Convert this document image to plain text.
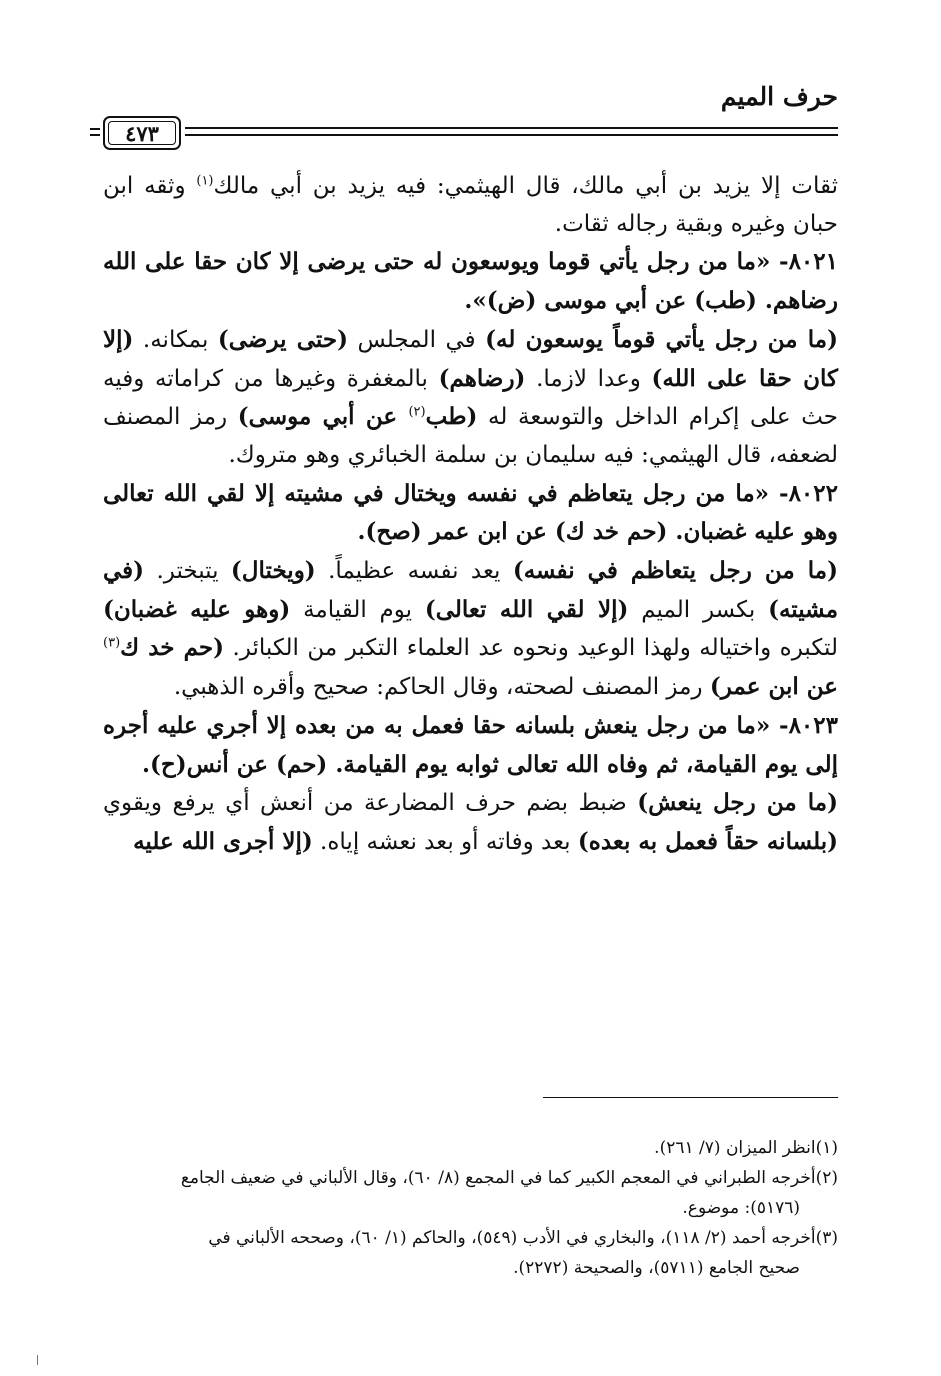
حرف الميم
٤٧٣

ثقات إلا يزيد بن أبي مالك، قال الهيثمي: فيه يزيد بن أبي مالك$^{(١)}$ وثقه ابن حبان وغيره وبقية رجاله ثقات.

٨٠٢١- «ما من رجل يأتي قوما ويوسعون له حتى يرضى إلا كان حقا على الله رضاهم. (طب) عن أبي موسى (ض)».

(ما من رجل يأتي قوماً يوسعون له) في المجلس (حتى يرضى) بمكانه. (إلا كان حقا على الله) وعدا لازما. (رضاهم) بالمغفرة وغيرها من كراماته وفيه حث على إكرام الداخل والتوسعة له (طب$^{(٢)}$ عن أبي موسى) رمز المصنف لضعفه، قال الهيثمي: فيه سليمان بن سلمة الخبائري وهو متروك.

٨٠٢٢- «ما من رجل يتعاظم في نفسه ويختال في مشيته إلا لقي الله تعالى وهو عليه غضبان. (حم خد ك) عن ابن عمر (صح).

(ما من رجل يتعاظم في نفسه) يعد نفسه عظيماً. (ويختال) يتبختر. (في مشيته) بكسر الميم (إلا لقي الله تعالى) يوم القيامة (وهو عليه غضبان) لتكبره واختياله ولهذا الوعيد ونحوه عد العلماء التكبر من الكبائر. (حم خد ك$^{(٣)}$ عن ابن عمر) رمز المصنف لصحته، وقال الحاكم: صحيح وأقره الذهبي.

٨٠٢٣- «ما من رجل ينعش بلسانه حقا فعمل به من بعده إلا أجري عليه أجره إلى يوم القيامة، ثم وفاه الله تعالى ثوابه يوم القيامة. (حم) عن أنس(ح).

(ما من رجل ينعش) ضبط بضم حرف المضارعة من أنعش أي يرفع ويقوي (بلسانه حقاً فعمل به بعده) بعد وفاته أو بعد نعشه إياه. (إلا أجرى الله عليه

(١)انظر الميزان (٧/ ٢٦١).

(٢)أخرجه الطبراني في المعجم الكبير كما في المجمع (٨/ ٦٠)، وقال الألباني في ضعيف الجامع

(٥١٧٦): موضوع.

(٣)أخرجه أحمد (٢/ ١١٨)، والبخاري في الأدب (٥٤٩)، والحاكم (١/ ٦٠)، وصححه الألباني في

صحيح الجامع (٥٧١١)، والصحيحة (٢٢٧٢).
